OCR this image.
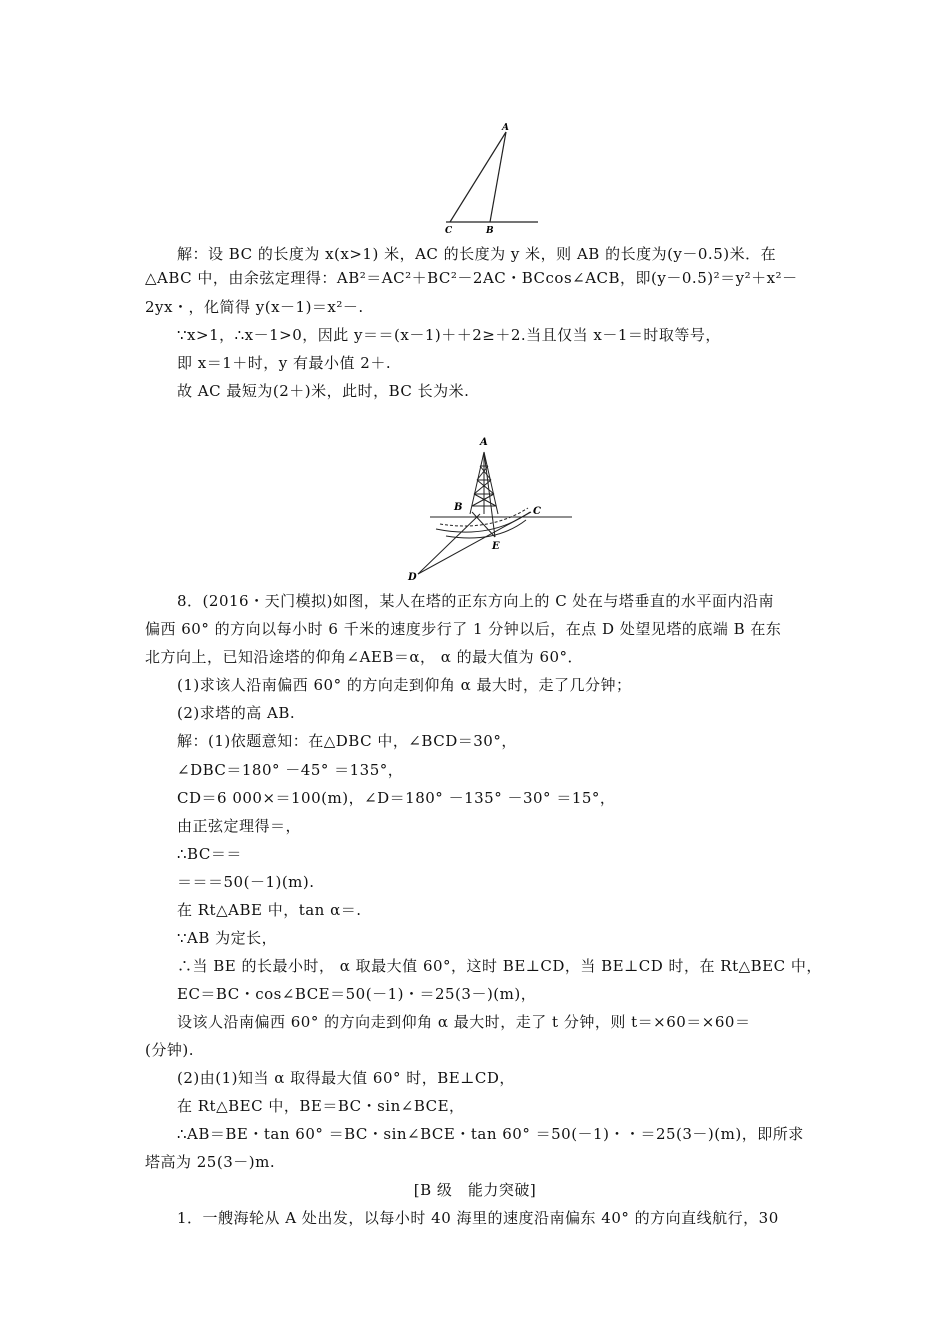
A
C	B
解：设 BC 的长度为 x(x>1) 米，AC 的长度为 y 米，则 AB 的长度为(y－0.5)米．在
△ABC 中，由余弦定理得：AB²＝AC²＋BC²－2AC・BCcos∠ACB，即(y－0.5)²＝y²＋x²－
2yx・，化简得 y(x－1)＝x²－.
∵x>1，∴x－1>0，因此 y＝＝(x－1)＋＋2≥＋2.当且仅当 x－1＝时取等号，
即 x＝1＋时，y 有最小值 2＋.
故 AC 最短为(2＋)米，此时，BC 长为米.
A
B	C
E
D
8．(2016・天门模拟)如图，某人在塔的正东方向上的 C 处在与塔垂直的水平面内沿南
偏西 60° 的方向以每小时 6 千米的速度步行了 1 分钟以后，在点 D 处望见塔的底端 B 在东
北方向上，已知沿途塔的仰角∠AEB＝α， α 的最大值为 60°．
(1)求该人沿南偏西 60° 的方向走到仰角 α 最大时，走了几分钟；
(2)求塔的高 AB.
解：(1)依题意知：在△DBC 中，∠BCD＝30°，
∠DBC＝180° －45° ＝135°，
CD＝6 000×＝100(m)，∠D＝180° －135° －30° ＝15°，
由正弦定理得＝，
∴BC＝＝
＝＝＝50(－1)(m).
在 Rt△ABE 中，tan α＝.
∵AB 为定长，
∴当 BE 的长最小时， α 取最大值 60°，这时 BE⊥CD，当 BE⊥CD 时，在 Rt△BEC 中，
EC＝BC・cos∠BCE＝50(－1)・＝25(3－)(m)，
设该人沿南偏西 60° 的方向走到仰角 α 最大时，走了 t 分钟，则 t＝×60＝×60＝
(分钟).
(2)由(1)知当 α 取得最大值 60° 时，BE⊥CD，
在 Rt△BEC 中，BE＝BC・sin∠BCE，
∴AB＝BE・tan 60° ＝BC・sin∠BCE・tan 60° ＝50(－1)・・＝25(3－)(m)，即所求
塔高为 25(3－)m.
[B 级　能力突破]
1．一艘海轮从 A 处出发，以每小时 40 海里的速度沿南偏东 40° 的方向直线航行，30
